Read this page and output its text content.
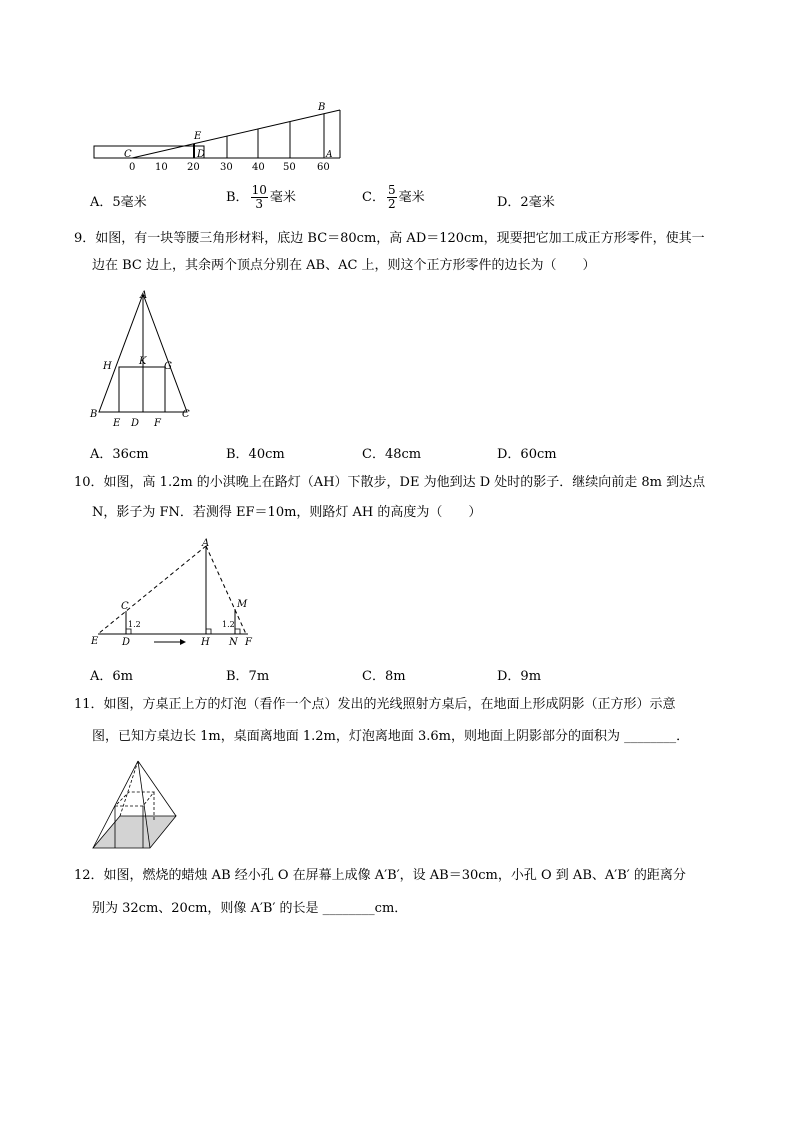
B
E
C	D	A
0 10 20 30 40 50 60
A．5毫米	B． $\frac{10}{3}$ 毫米	C． $\frac{5}{2}$ 毫米	D．2毫米
9．如图，有一块等腰三角形材料，底边 BC＝80cm，高 AD＝120cm，现要把它加工成正方形零件，使其一
边在 BC 边上，其余两个顶点分别在 AB、AC 上，则这个正方形零件的边长为（　　）
A
H	K G
B
E D F
C
A．36cm	B．40cm	C．48cm	D．60cm
10．如图，高 1.2m 的小淇晚上在路灯（AH）下散步，DE 为他到达 D 处时的影子．继续向前走 8m 到达点
N，影子为 FN．若测得 EF＝10m，则路灯 AH 的高度为（　　）
A
C	M
1.2	1.2
E D	H N F
A．6m	B．7m	C．8m	D．9m
11．如图，方桌正上方的灯泡（看作一个点）发出的光线照射方桌后，在地面上形成阴影（正方形）示意
图，已知方桌边长 1m，桌面离地面 1.2m，灯泡离地面 3.6m，则地面上阴影部分的面积为 ________．
12．如图，燃烧的蜡烛 AB 经小孔 O 在屏幕上成像 A′B′，设 AB＝30cm，小孔 O 到 AB、A′B′ 的距离分
别为 32cm、20cm，则像 A′B′ 的长是 ________cm．
